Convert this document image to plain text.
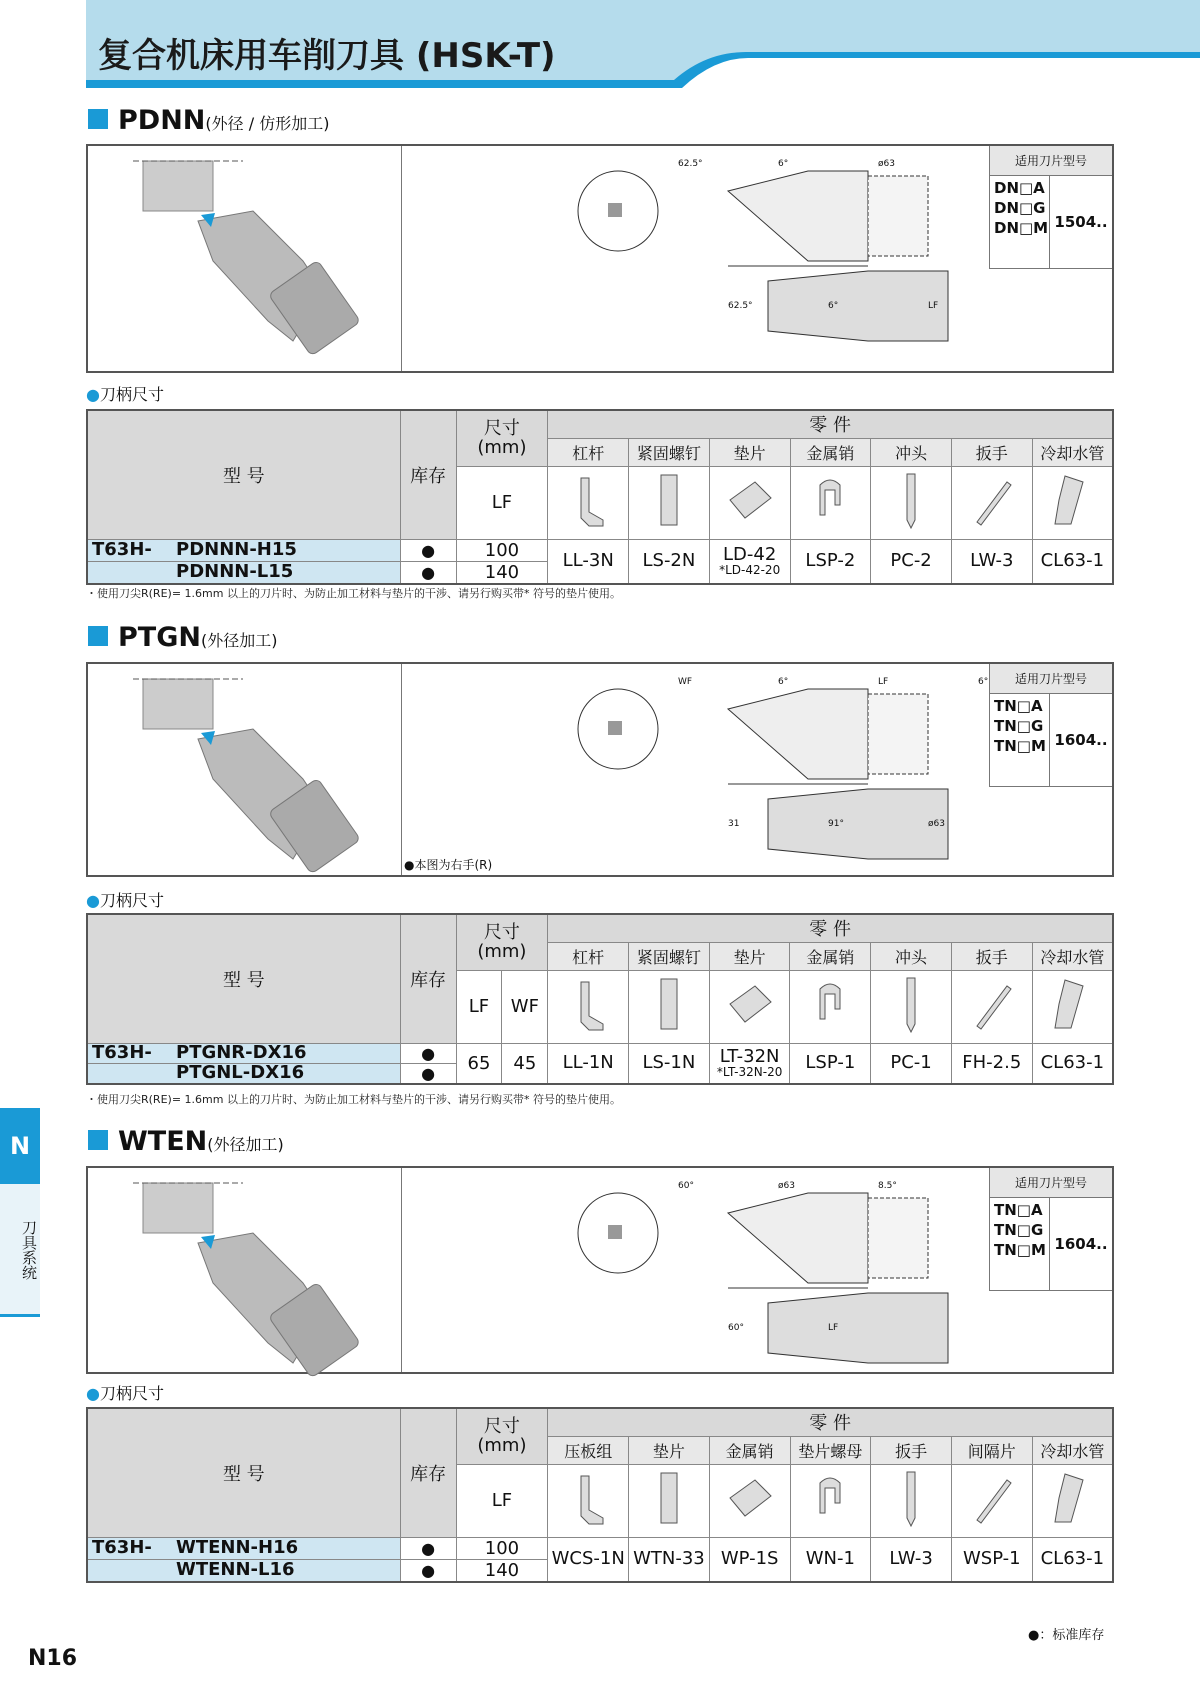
复合机床用车削刀具 (HSK-T)
N
刀具系统
PDNN (外径 / 仿形加工)
62.5°
62.5°
6°
6°
ø63
LF
适用刀片型号
DN□A
DN□G
DN□M 1504..
●刀柄尺寸
型 号	库存	尺寸
(mm)	零 件						
			杠杆	紧固螺钉	垫片	金属销	冲头	扳手	冷却水管
		LF							
T63H- PDNNN-H15	●	100	LL-3N	LS-2N	LD-42
*LD-42-20	LSP-2	PC-2	LW-3	CL63-1

PDNNN-L15	●	140							
・使用刀尖R(RE)= 1.6mm 以上的刀片时、为防止加工材料与垫片的干涉、请另行购买带* 符号的垫片使用。
PTGN (外径加工)
WF
31
6°
91°
LF
ø63
6°
●本图为右手(R)
适用刀片型号
TN□A
TN□G
TN□M 1604..
●刀柄尺寸
型 号	库存	尺寸
(mm)		零 件						
				杠杆	紧固螺钉	垫片	金属销	冲头	扳手	冷却水管
		LF	WF							
T63H- PTGNR-DX16	●	65	45	LL-1N	LS-1N	LT-32N
*LT-32N-20	LSP-1	PC-1	FH-2.5	CL63-1

PTGNL-DX16	●									
・使用刀尖R(RE)= 1.6mm 以上的刀片时、为防止加工材料与垫片的干涉、请另行购买带* 符号的垫片使用。
WTEN (外径加工)
60°
60°
ø63
LF
8.5°	适用刀片型号
TN□A
TN□G
TN□M 1604..
●刀柄尺寸
型 号	库存	尺寸
(mm)	零 件						
			压板组	垫片	金属销	垫片螺母	扳手	间隔片	冷却水管
		LF							
T63H- WTENN-H16	●	100	WCS-1N	WTN-33	WP-1S	WN-1	LW-3	WSP-1	CL63-1

WTENN-L16	●	140							
●：标准库存
N16
